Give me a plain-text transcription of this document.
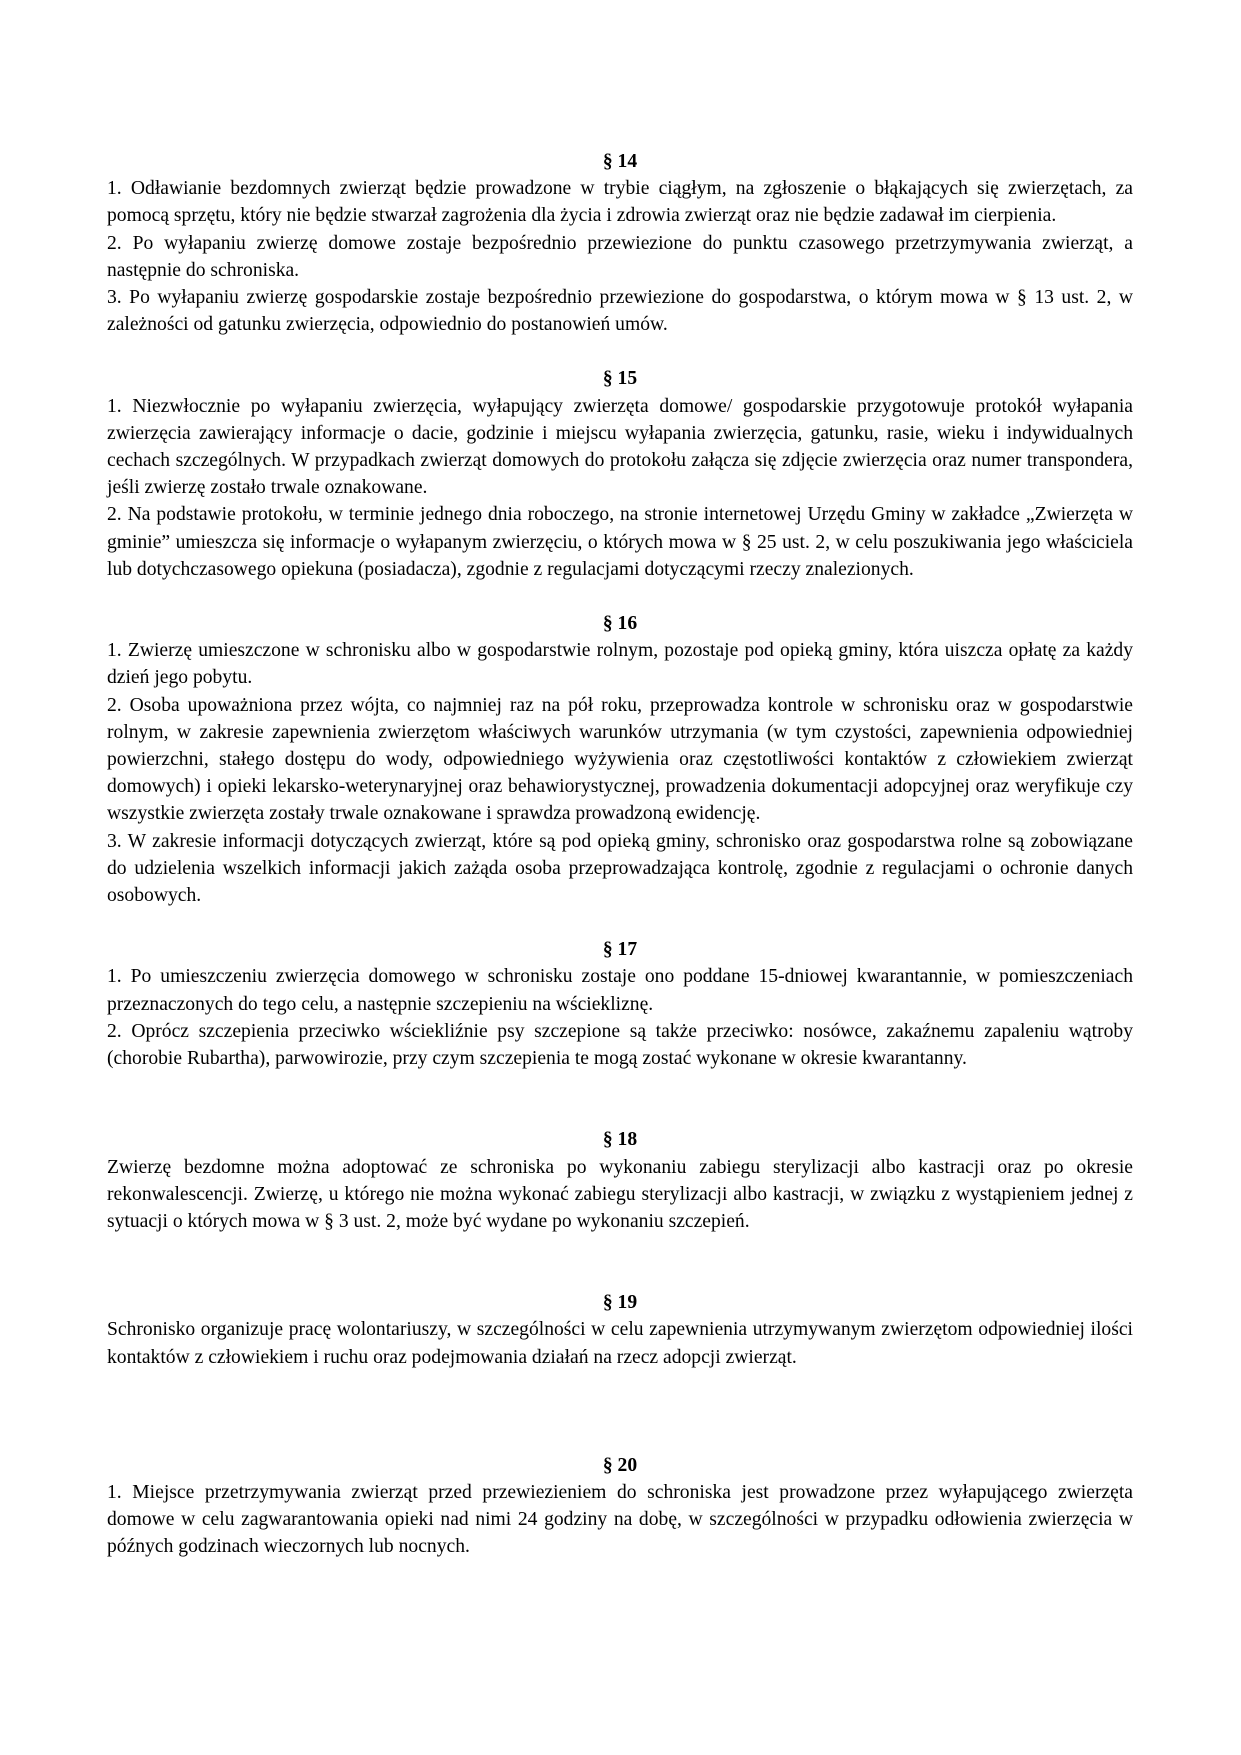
§ 14

1. Odławianie bezdomnych zwierząt będzie prowadzone w trybie ciągłym, na zgłoszenie o błąkających się zwierzętach, za pomocą sprzętu, który nie będzie stwarzał zagrożenia dla życia i zdrowia zwierząt oraz nie będzie zadawał im cierpienia.

2. Po wyłapaniu zwierzę domowe zostaje bezpośrednio przewiezione do punktu czasowego przetrzymywania zwierząt, a następnie do schroniska.

3. Po wyłapaniu zwierzę gospodarskie zostaje bezpośrednio przewiezione do gospodarstwa, o którym mowa w § 13 ust. 2, w zależności od gatunku zwierzęcia, odpowiednio do postanowień umów.

§ 15

1. Niezwłocznie po wyłapaniu zwierzęcia, wyłapujący zwierzęta domowe/ gospodarskie przygotowuje protokół wyłapania zwierzęcia zawierający informacje o dacie, godzinie i miejscu wyłapania zwierzęcia, gatunku, rasie, wieku i indywidualnych cechach szczególnych. W przypadkach zwierząt domowych do protokołu załącza się zdjęcie zwierzęcia oraz numer transpondera, jeśli zwierzę zostało trwale oznakowane.

2. Na podstawie protokołu, w terminie jednego dnia roboczego, na stronie internetowej Urzędu Gminy w zakładce „Zwierzęta w gminie” umieszcza się informacje o wyłapanym zwierzęciu, o których mowa w § 25 ust. 2, w celu poszukiwania jego właściciela lub dotychczasowego opiekuna (posiadacza), zgodnie z regulacjami dotyczącymi rzeczy znalezionych.

§ 16

1. Zwierzę umieszczone w schronisku albo w gospodarstwie rolnym, pozostaje pod opieką gminy, która uiszcza opłatę za każdy dzień jego pobytu.

2. Osoba upoważniona przez wójta, co najmniej raz na pół roku, przeprowadza kontrole w schronisku oraz w gospodarstwie rolnym, w zakresie zapewnienia zwierzętom właściwych warunków utrzymania (w tym czystości, zapewnienia odpowiedniej powierzchni, stałego dostępu do wody, odpowiedniego wyżywienia oraz częstotliwości kontaktów z człowiekiem zwierząt domowych) i opieki lekarsko-weterynaryjnej oraz behawiorystycznej, prowadzenia dokumentacji adopcyjnej oraz weryfikuje czy wszystkie zwierzęta zostały trwale oznakowane i sprawdza prowadzoną ewidencję.

3. W zakresie informacji dotyczących zwierząt, które są pod opieką gminy, schronisko oraz gospodarstwa rolne są zobowiązane do udzielenia wszelkich informacji jakich zażąda osoba przeprowadzająca kontrolę, zgodnie z regulacjami o ochronie danych osobowych.

§ 17

1. Po umieszczeniu zwierzęcia domowego w schronisku zostaje ono poddane 15-dniowej kwarantannie, w pomieszczeniach przeznaczonych do tego celu, a następnie szczepieniu na wściekliznę.

2. Oprócz szczepienia przeciwko wściekliźnie psy szczepione są także przeciwko: nosówce, zakaźnemu zapaleniu wątroby (chorobie Rubartha), parwowirozie, przy czym szczepienia te mogą zostać wykonane w okresie kwarantanny.

§ 18

Zwierzę bezdomne można adoptować ze schroniska po wykonaniu zabiegu sterylizacji albo kastracji oraz po okresie rekonwalescencji. Zwierzę, u którego nie można wykonać zabiegu sterylizacji albo kastracji, w związku z wystąpieniem jednej z sytuacji o których mowa w § 3 ust. 2, może być wydane po wykonaniu szczepień.

§ 19

Schronisko organizuje pracę wolontariuszy, w szczególności w celu zapewnienia utrzymywanym zwierzętom odpowiedniej ilości kontaktów z człowiekiem i ruchu oraz podejmowania działań na rzecz adopcji zwierząt.

§ 20

1. Miejsce przetrzymywania zwierząt przed przewiezieniem do schroniska jest prowadzone przez wyłapującego zwierzęta domowe w celu zagwarantowania opieki nad nimi 24 godziny na dobę, w szczególności w przypadku odłowienia zwierzęcia w późnych godzinach wieczornych lub nocnych.
